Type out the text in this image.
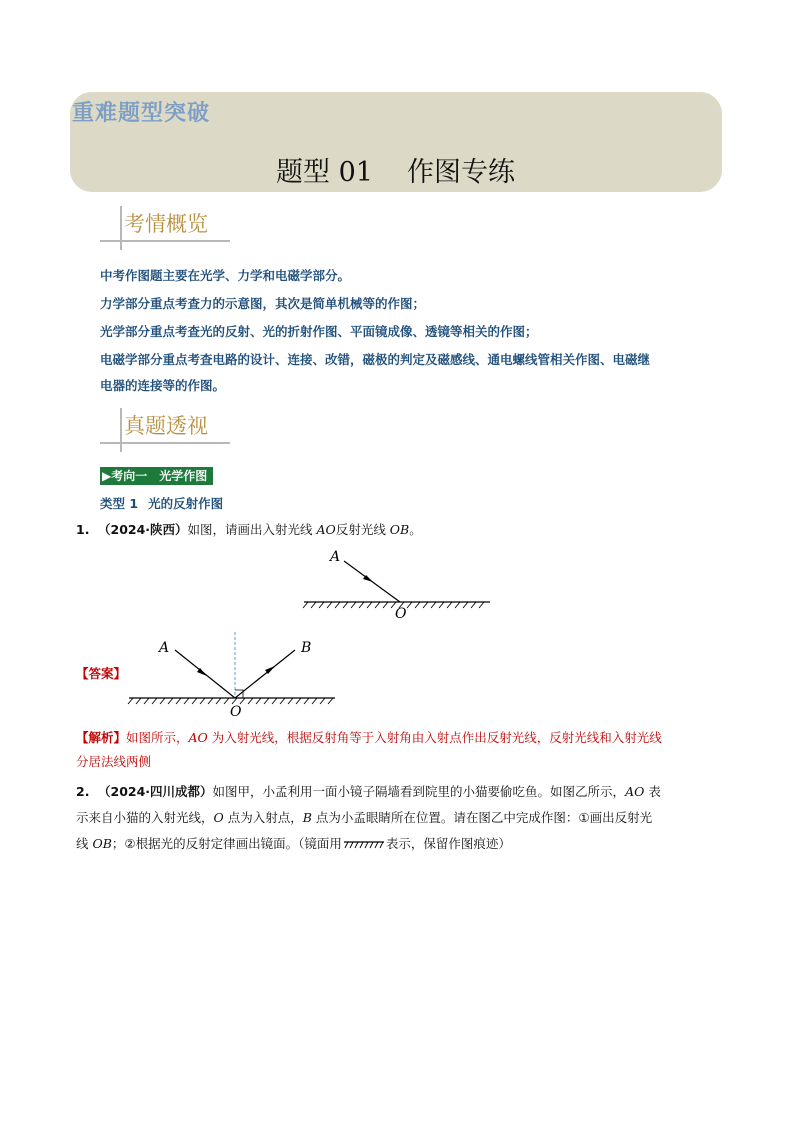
重难题型突破
题型 01 作图专练
考情概览
中考作图题主要在光学、力学和电磁学部分。
力学部分重点考查力的示意图，其次是简单机械等的作图；
光学部分重点考查光的反射、光的折射作图、平面镜成像、透镜等相关的作图；
电磁学部分重点考查电路的设计、连接、改错，磁极的判定及磁感线、通电螺线管相关作图、电磁继
电器的连接等的作图。
真题透视
▶考向一 光学作图
类型 1 光的反射作图
1. （2024·陕西）如图，请画出入射光线 AO反射光线 OB。
A
O
【答案】
A	B
O
【解析】如图所示，AO 为入射光线，根据反射角等于入射角由入射点作出反射光线，反射光线和入射光线
分居法线两侧
2. （2024·四川成都）如图甲，小孟利用一面小镜子隔墙看到院里的小猫要偷吃鱼。如图乙所示，AO 表
示来自小猫的入射光线，O 点为入射点，B 点为小孟眼睛所在位置。请在图乙中完成作图：①画出反射光
线 OB；②根据光的反射定律画出镜面。（镜面用	表示，保留作图痕迹）
